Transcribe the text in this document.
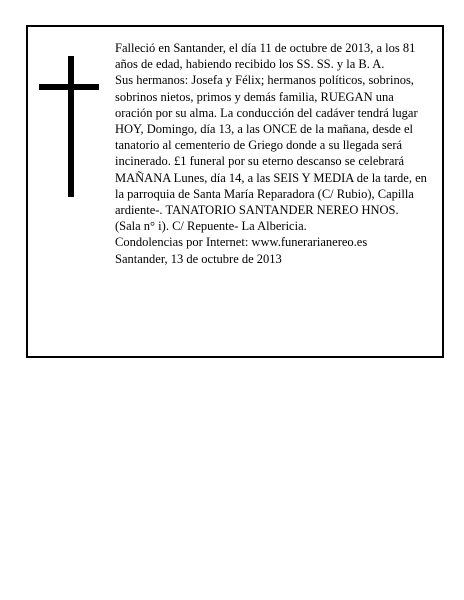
Falleció en Santander, el día 11 de octubre de 2013, a los 81 años de edad, habiendo recibido los SS. SS. y la B. A.

Sus hermanos: Josefa y Félix; hermanos políticos, sobrinos, sobrinos nietos, primos y demás familia, RUEGAN una oración por su alma. La conducción del cadáver tendrá lugar HOY, Domingo, día 13, a las ONCE de la mañana, desde el tanatorio al cementerio de Griego donde a su llegada será incinerado. £1 funeral por su eterno descanso se celebrará MAÑANA Lunes, día 14, a las SEIS Y MEDIA de la tarde, en la parroquia de Santa María Reparadora (C/ Rubio), Capilla ardiente-. TANATORIO SANTANDER NEREO HNOS. (Sala n° i). C/ Repuente- La Albericia.

Condolencias por Internet: www.funerarianereo.es

Santander, 13 de octubre de 2013
